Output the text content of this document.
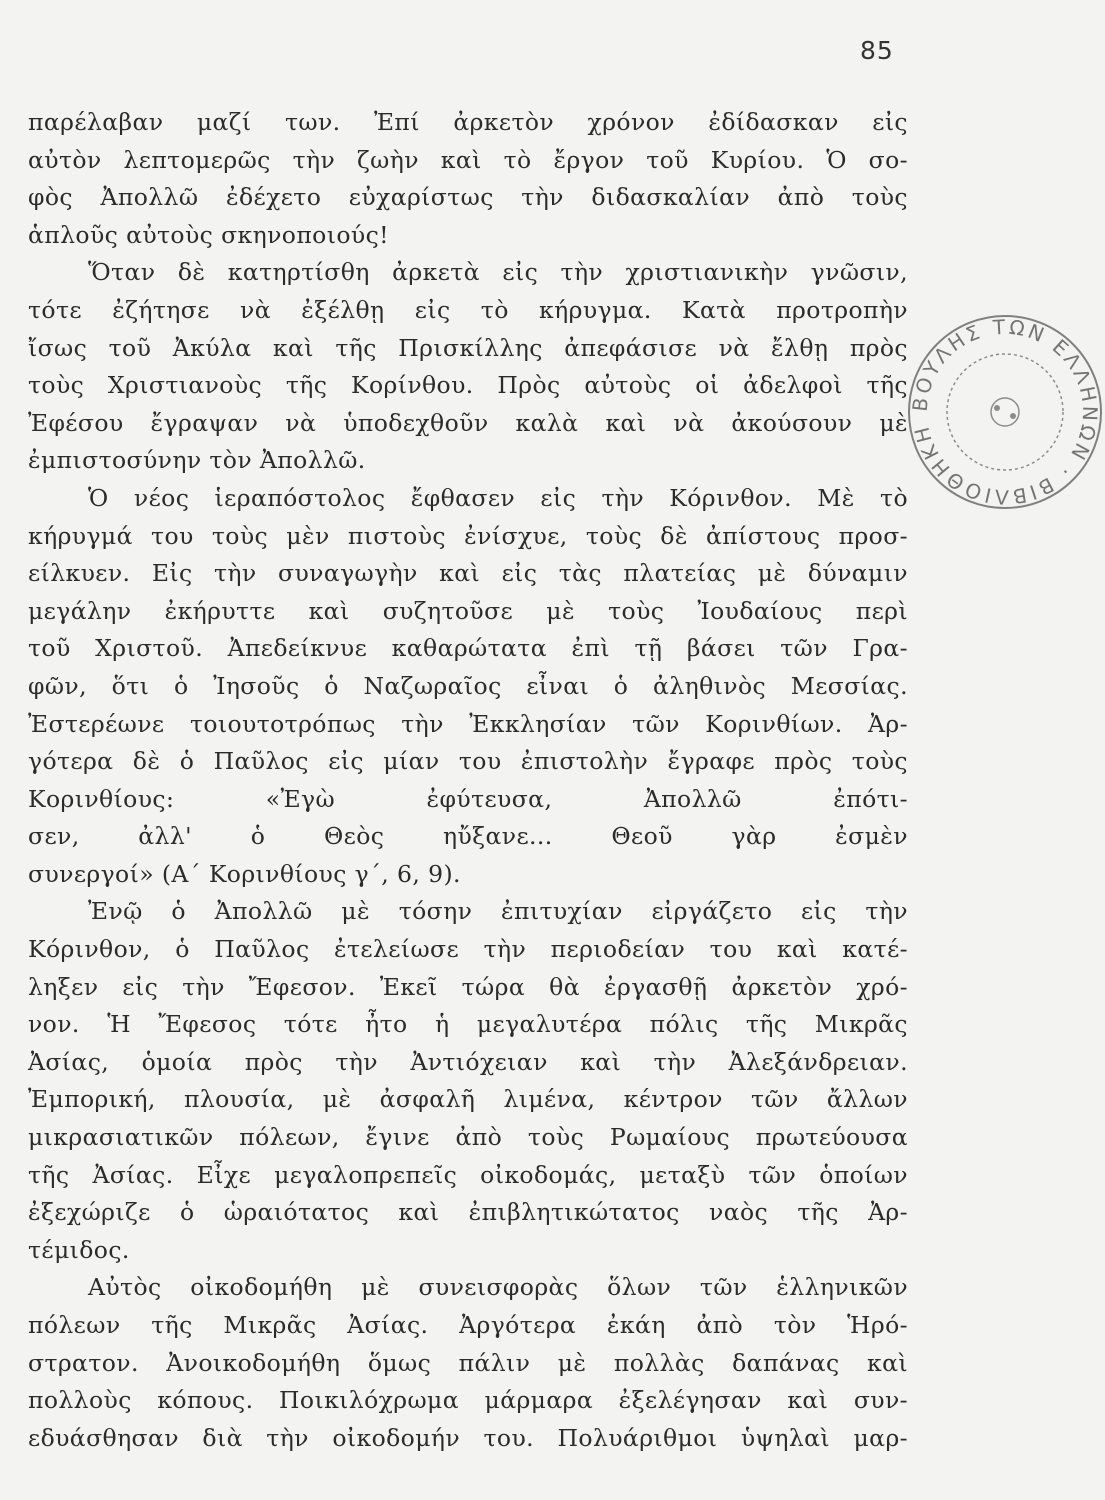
85
ΒΟΥΛΗΣ ΤΩΝ ΕΛΛΗΝΩΝ · ΒΙΒΛΙΟΘΗΚΗ
παρέλαβαν μαζί των. Ἐπί ἀρκετὸν χρόνον ἐδίδασκαν εἰς
αὐτὸν λεπτομερῶς τὴν ζωὴν καὶ τὸ ἔργον τοῦ Κυρίου. Ὁ σο-
φὸς Ἀπολλῶ ἐδέχετο εὐχαρίστως τὴν διδασκαλίαν ἀπὸ τοὺς
ἁπλοῦς αὐτοὺς σκηνοποιούς!
Ὅταν δὲ κατηρτίσθη ἀρκετὰ εἰς τὴν χριστιανικὴν γνῶσιν,
τότε ἐζήτησε νὰ ἐξέλθῃ εἰς τὸ κήρυγμα. Κατὰ προτροπὴν
ἴσως τοῦ Ἀκύλα καὶ τῆς Πρισκίλλης ἀπεφάσισε νὰ ἔλθῃ πρὸς
τοὺς Χριστιανοὺς τῆς Κορίνθου. Πρὸς αὐτοὺς οἱ ἀδελφοὶ τῆς
Ἐφέσου ἔγραψαν νὰ ὑποδεχθοῦν καλὰ καὶ νὰ ἀκούσουν μὲ
ἐμπιστοσύνην τὸν Ἀπολλῶ.
Ὁ νέος ἱεραπόστολος ἔφθασεν εἰς τὴν Κόρινθον. Μὲ τὸ
κήρυγμά του τοὺς μὲν πιστοὺς ἐνίσχυε, τοὺς δὲ ἀπίστους προσ-
είλκυεν. Εἰς τὴν συναγωγὴν καὶ εἰς τὰς πλατείας μὲ δύναμιν
μεγάλην ἐκήρυττε καὶ συζητοῦσε μὲ τοὺς Ἰουδαίους περὶ
τοῦ Χριστοῦ. Ἀπεδείκνυε καθαρώτατα ἐπὶ τῇ βάσει τῶν Γρα-
φῶν, ὅτι ὁ Ἰησοῦς ὁ Ναζωραῖος εἶναι ὁ ἀληθινὸς Μεσσίας.
Ἐστερέωνε τοιουτοτρόπως τὴν Ἐκκλησίαν τῶν Κορινθίων. Ἀρ-
γότερα δὲ ὁ Παῦλος εἰς μίαν του ἐπιστολὴν ἔγραφε πρὸς τοὺς
Κορινθίους: «Ἐγὼ ἐφύτευσα, Ἀπολλῶ ἐπότι-
σεν, ἀλλ' ὁ Θεὸς ηὔξανε... Θεοῦ γὰρ ἐσμὲν
συνεργοί» (Α΄ Κορινθίους γ΄, 6, 9).
Ἐνῷ ὁ Ἀπολλῶ μὲ τόσην ἐπιτυχίαν εἰργάζετο εἰς τὴν
Κόρινθον, ὁ Παῦλος ἐτελείωσε τὴν περιοδείαν του καὶ κατέ-
ληξεν εἰς τὴν Ἔφεσον. Ἐκεῖ τώρα θὰ ἐργασθῇ ἀρκετὸν χρό-
νον. Ἡ Ἔφεσος τότε ἦτο ἡ μεγαλυτέρα πόλις τῆς Μικρᾶς
Ἀσίας, ὁμοία πρὸς τὴν Ἀντιόχειαν καὶ τὴν Ἀλεξάνδρειαν.
Ἐμπορική, πλουσία, μὲ ἀσφαλῆ λιμένα, κέντρον τῶν ἄλλων
μικρασιατικῶν πόλεων, ἔγινε ἀπὸ τοὺς Ρωμαίους πρωτεύουσα
τῆς Ἀσίας. Εἶχε μεγαλοπρεπεῖς οἰκοδομάς, μεταξὺ τῶν ὁποίων
ἐξεχώριζε ὁ ὡραιότατος καὶ ἐπιβλητικώτατος ναὸς τῆς Ἀρ-
τέμιδος.
Αὐτὸς οἰκοδομήθη μὲ συνεισφορὰς ὅλων τῶν ἑλληνικῶν
πόλεων τῆς Μικρᾶς Ἀσίας. Ἀργότερα ἐκάη ἀπὸ τὸν Ἡρό-
στρατον. Ἀνοικοδομήθη ὅμως πάλιν μὲ πολλὰς δαπάνας καὶ
πολλοὺς κόπους. Ποικιλόχρωμα μάρμαρα ἐξελέγησαν καὶ συν-
εδυάσθησαν διὰ τὴν οἰκοδομήν του. Πολυάριθμοι ὑψηλαὶ μαρ-
